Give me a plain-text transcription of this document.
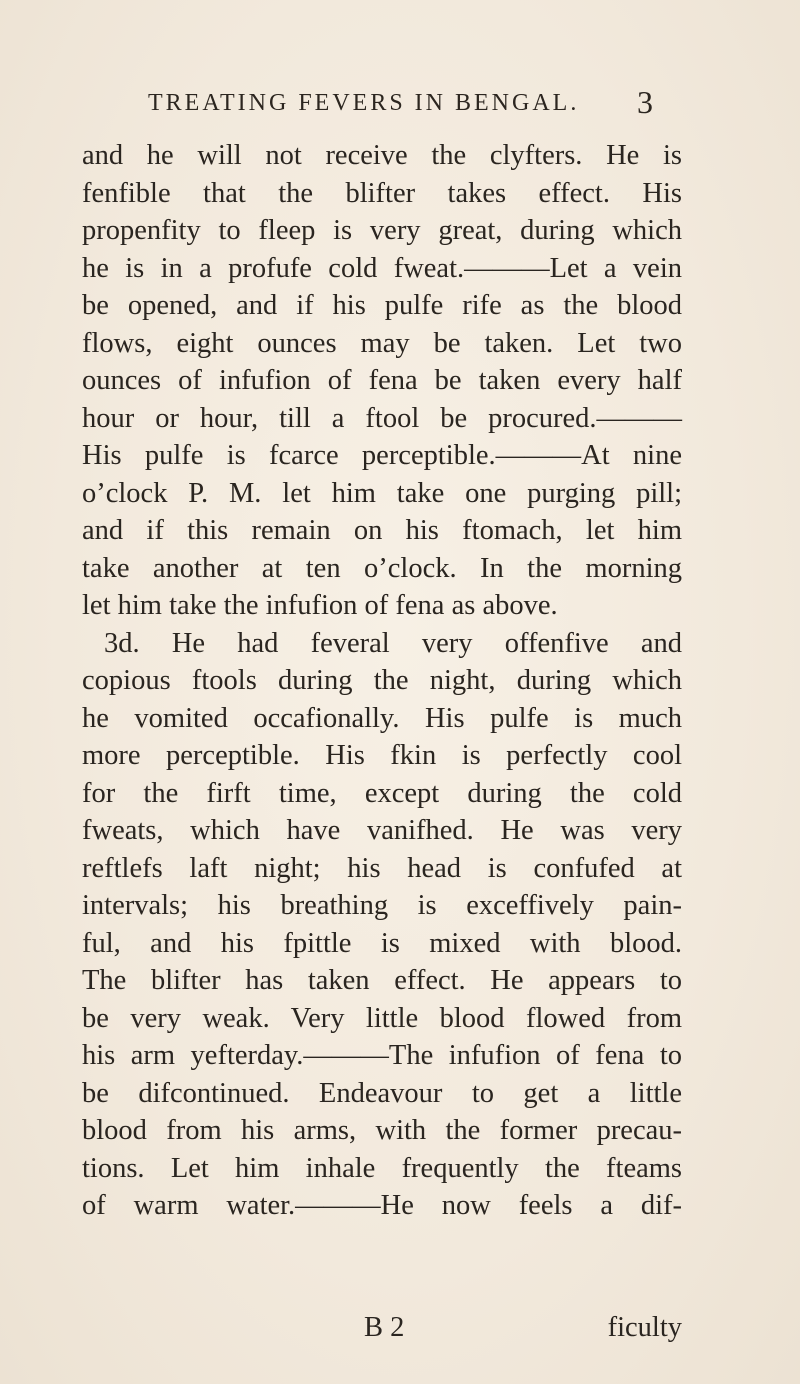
TREATING FEVERS IN BENGAL. 3
and he will not receive the clyfters. He is
fenfible that the blifter takes effect. His
propenfity to fleep is very great, during which
he is in a profufe cold fweat.———Let a vein
be opened, and if his pulfe rife as the blood
flows, eight ounces may be taken. Let two
ounces of infufion of fena be taken every half
hour or hour, till a ftool be procured.———
His pulfe is fcarce perceptible.———At nine
o’clock P. M. let him take one purging pill;
and if this remain on his ftomach, let him
take another at ten o’clock. In the morning
let him take the infufion of fena as above.
3d. He had feveral very offenfive and
copious ftools during the night, during which
he vomited occafionally. His pulfe is much
more perceptible. His fkin is perfectly cool
for the firft time, except during the cold
fweats, which have vanifhed. He was very
reftlefs laft night; his head is confufed at
intervals; his breathing is exceffively pain-
ful, and his fpittle is mixed with blood.
The blifter has taken effect. He appears to
be very weak. Very little blood flowed from
his arm yefterday.———The infufion of fena to
be difcontinued. Endeavour to get a little
blood from his arms, with the former precau-
tions. Let him inhale frequently the fteams
of warm water.———He now feels a dif-
B 2	ficulty
